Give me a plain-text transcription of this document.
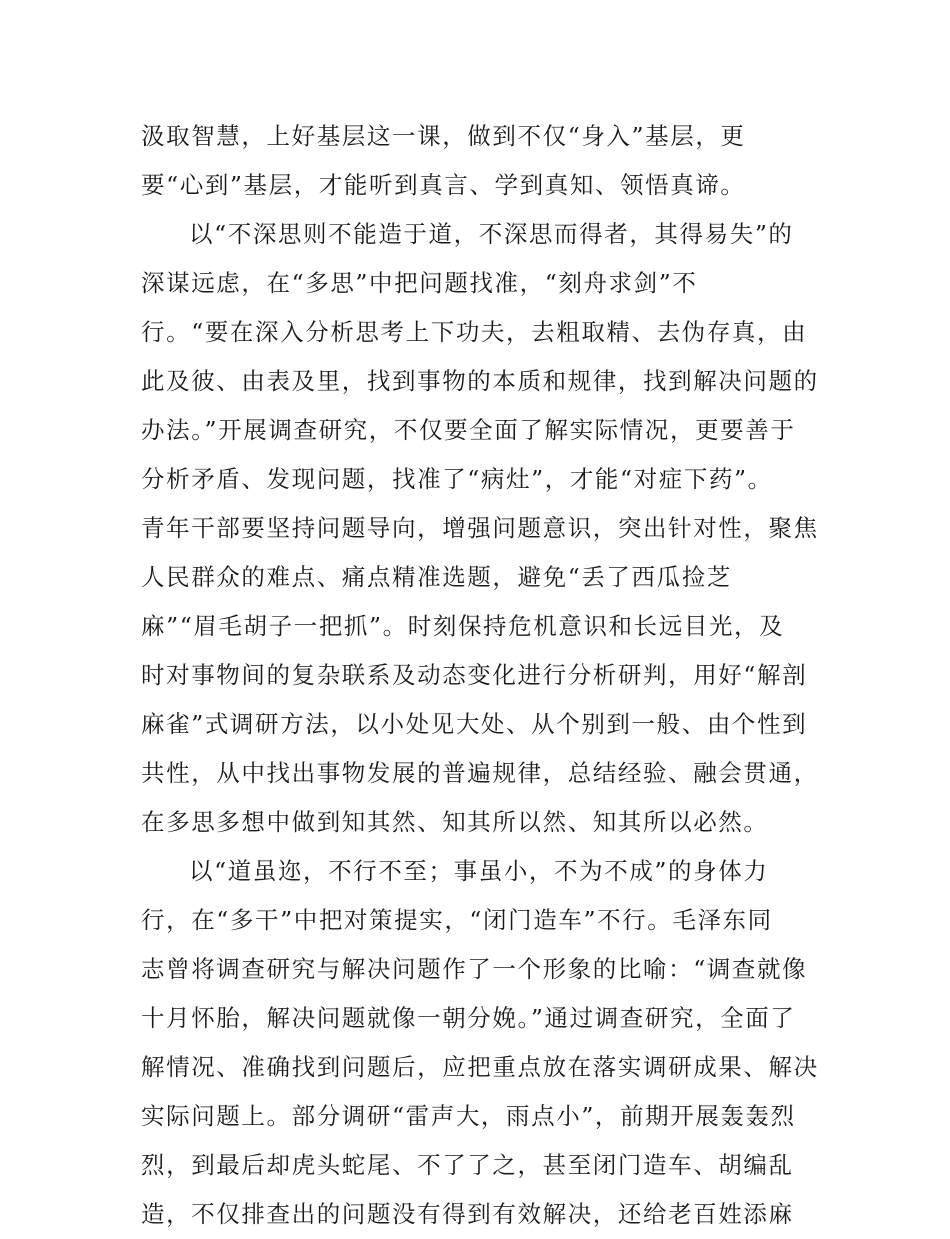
汲取智慧，上好基层这一课，做到不仅“身入”基层，更
要“心到”基层，才能听到真言、学到真知、领悟真谛。
以“不深思则不能造于道，不深思而得者，其得易失”的
深谋远虑，在“多思”中把问题找准，“刻舟求剑”不
行。“要在深入分析思考上下功夫，去粗取精、去伪存真，由
此及彼、由表及里，找到事物的本质和规律，找到解决问题的
办法。”开展调查研究，不仅要全面了解实际情况，更要善于
分析矛盾、发现问题，找准了“病灶”，才能“对症下药”。
青年干部要坚持问题导向，增强问题意识，突出针对性，聚焦
人民群众的难点、痛点精准选题，避免“丢了西瓜捡芝
麻”“眉毛胡子一把抓”。时刻保持危机意识和长远目光，及
时对事物间的复杂联系及动态变化进行分析研判，用好“解剖
麻雀”式调研方法，以小处见大处、从个别到一般、由个性到
共性，从中找出事物发展的普遍规律，总结经验、融会贯通，
在多思多想中做到知其然、知其所以然、知其所以必然。
以“道虽迩，不行不至；事虽小，不为不成”的身体力
行，在“多干”中把对策提实，“闭门造车”不行。毛泽东同
志曾将调查研究与解决问题作了一个形象的比喻：“调查就像
十月怀胎，解决问题就像一朝分娩。”通过调查研究，全面了
解情况、准确找到问题后，应把重点放在落实调研成果、解决
实际问题上。部分调研“雷声大，雨点小”，前期开展轰轰烈
烈，到最后却虎头蛇尾、不了了之，甚至闭门造车、胡编乱
造，不仅排查出的问题没有得到有效解决，还给老百姓添麻
